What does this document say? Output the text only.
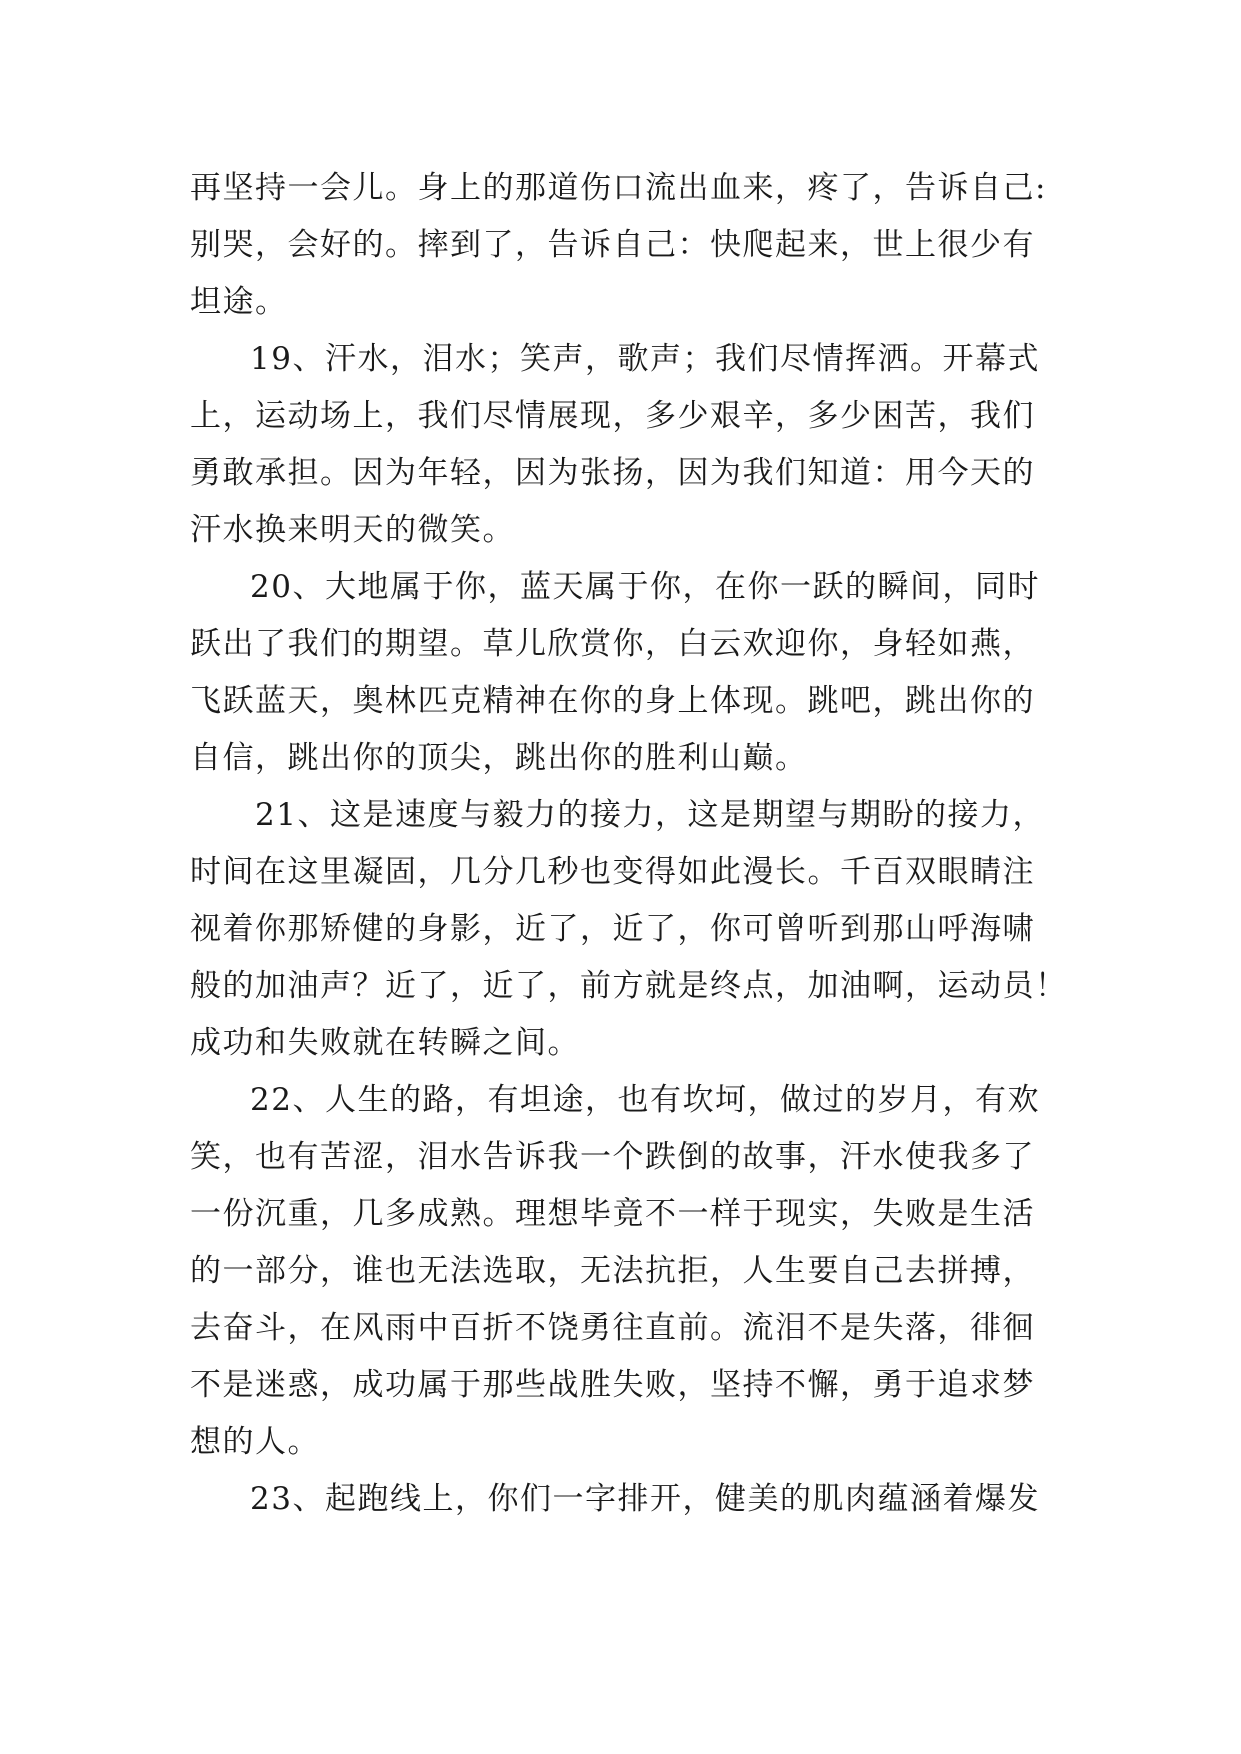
再坚持一会儿。身上的那道伤口流出血来，疼了，告诉自己:
别哭，会好的。摔到了，告诉自己：快爬起来，世上很少有
坦途。
19、汗水，泪水；笑声，歌声；我们尽情挥洒。开幕式
上，运动场上，我们尽情展现，多少艰辛，多少困苦，我们
勇敢承担。因为年轻，因为张扬，因为我们知道：用今天的
汗水换来明天的微笑。
20、大地属于你，蓝天属于你，在你一跃的瞬间，同时
跃出了我们的期望。草儿欣赏你，白云欢迎你，身轻如燕，
飞跃蓝天，奥林匹克精神在你的身上体现。跳吧，跳出你的
自信，跳出你的顶尖，跳出你的胜利山巅。
21、这是速度与毅力的接力，这是期望与期盼的接力，
时间在这里凝固，几分几秒也变得如此漫长。千百双眼睛注
视着你那矫健的身影，近了，近了，你可曾听到那山呼海啸
般的加油声？近了，近了，前方就是终点，加油啊，运动员！
成功和失败就在转瞬之间。
22、人生的路，有坦途，也有坎坷，做过的岁月，有欢
笑，也有苦涩，泪水告诉我一个跌倒的故事，汗水使我多了
一份沉重，几多成熟。理想毕竟不一样于现实，失败是生活
的一部分，谁也无法选取，无法抗拒，人生要自己去拼搏，
去奋斗，在风雨中百折不饶勇往直前。流泪不是失落，徘徊
不是迷惑，成功属于那些战胜失败，坚持不懈，勇于追求梦
想的人。
23、起跑线上，你们一字排开，健美的肌肉蕴涵着爆发
